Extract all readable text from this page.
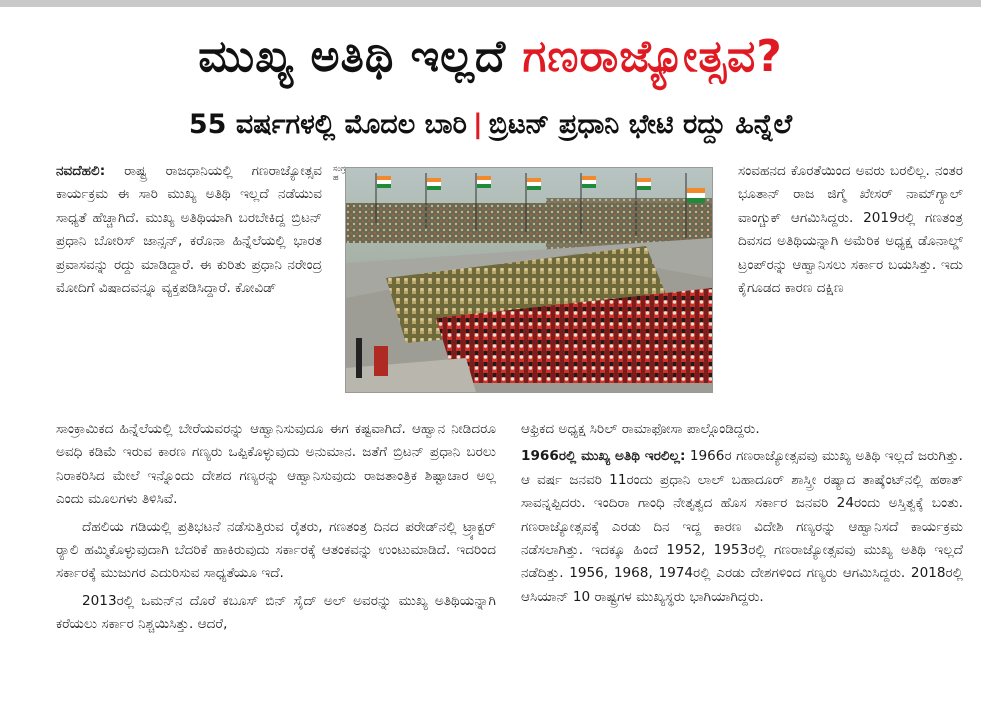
ಮುಖ್ಯ ಅತಿಥಿ ಇಲ್ಲದೆ ಗಣರಾಜ್ಯೋತ್ಸವ?
55 ವರ್ಷಗಳಲ್ಲಿ ಮೊದಲ ಬಾರಿ | ಬ್ರಿಟನ್ ಪ್ರಧಾನಿ ಭೇಟಿ ರದ್ದು ಹಿನ್ನೆಲೆ

ನವದೆಹಲಿ: ರಾಷ್ಟ್ರ ರಾಜಧಾನಿಯಲ್ಲಿ ಗಣರಾಜ್ಯೋತ್ಸವ ಕಾರ್ಯಕ್ರಮ ಈ ಸಾರಿ ಮುಖ್ಯ ಅತಿಥಿ ಇಲ್ಲದೆ ನಡೆಯುವ ಸಾಧ್ಯತೆ ಹೆಚ್ಚಾಗಿದೆ. ಮುಖ್ಯ ಅತಿಥಿಯಾಗಿ ಬರಬೇಕಿದ್ದ ಬ್ರಿಟನ್ ಪ್ರಧಾನಿ ಬೋರಿಸ್ ಜಾನ್ಸನ್, ಕರೊನಾ ಹಿನ್ನೆಲೆಯಲ್ಲಿ ಭಾರತ ಪ್ರವಾಸವನ್ನು ರದ್ದು ಮಾಡಿದ್ದಾರೆ. ಈ ಕುರಿತು ಪ್ರಧಾನಿ ನರೇಂದ್ರ ಮೋದಿಗೆ ವಿಷಾದವನ್ನೂ ವ್ಯಕ್ತಪಡಿಸಿದ್ದಾರೆ. ಕೋವಿಡ್

ಸಂಗ್ರಹ	ಸಂವಹನದ ಕೊರತೆಯಿಂದ ಅವರು ಬರಲಿಲ್ಲ. ನಂತರ ಭೂತಾನ್ ರಾಜ ಜಿಗ್ಮೆ ಖೇಸರ್ ನಾಮ್‌ಗ್ಯಾಲ್ ವಾಂಗ್ಚುಕ್ ಆಗಮಿಸಿದ್ದರು. 2019ರಲ್ಲಿ ಗಣತಂತ್ರ ದಿವಸದ ಅತಿಥಿಯನ್ನಾಗಿ ಅಮೆರಿಕ ಅಧ್ಯಕ್ಷ ಡೊನಾಲ್ಡ್ ಟ್ರಂಪ್‌ರನ್ನು ಆಹ್ವಾನಿಸಲು ಸರ್ಕಾರ ಬಯಸಿತ್ತು. ಇದು ಕೈಗೂಡದ ಕಾರಣ ದಕ್ಷಿಣ

ಸಾಂಕ್ರಾಮಿಕದ ಹಿನ್ನೆಲೆಯಲ್ಲಿ ಬೇರೆಯವರನ್ನು ಆಹ್ವಾನಿಸುವುದೂ ಈಗ ಕಷ್ಟವಾಗಿದೆ. ಆಹ್ವಾನ ನೀಡಿದರೂ ಅವಧಿ ಕಡಿಮೆ ಇರುವ ಕಾರಣ ಗಣ್ಯರು ಒಪ್ಪಿಕೊಳ್ಳುವುದು ಅನುಮಾನ. ಜತೆಗೆ ಬ್ರಿಟನ್ ಪ್ರಧಾನಿ ಬರಲು ನಿರಾಕರಿಸಿದ ಮೇಲೆ ಇನ್ನೊಂದು ದೇಶದ ಗಣ್ಯರನ್ನು ಆಹ್ವಾನಿಸುವುದು ರಾಜತಾಂತ್ರಿಕ ಶಿಷ್ಟಾಚಾರ ಅಲ್ಲ ಎಂದು ಮೂಲಗಳು ತಿಳಿಸಿವೆ.

ದೆಹಲಿಯ ಗಡಿಯಲ್ಲಿ ಪ್ರತಿಭಟನೆ ನಡೆಸುತ್ತಿರುವ ರೈತರು, ಗಣತಂತ್ರ ದಿನದ ಪರೇಡ್‌ನಲ್ಲಿ ಟ್ರ್ಯಾಕ್ಟರ್ ರ್‍ಯಾಲಿ ಹಮ್ಮಿಕೊಳ್ಳುವುದಾಗಿ ಬೆದರಿಕೆ ಹಾಕಿರುವುದು ಸರ್ಕಾರಕ್ಕೆ ಆತಂಕವನ್ನು ಉಂಟುಮಾಡಿದೆ. ಇದರಿಂದ ಸರ್ಕಾರಕ್ಕೆ ಮುಜುಗರ ಎದುರಿಸುವ ಸಾಧ್ಯತೆಯೂ ಇದೆ.

2013ರಲ್ಲಿ ಒಮನ್‌ನ ದೊರೆ ಕಬೂಸ್ ಬಿನ್ ಸೈದ್ ಅಲ್ ಅವರನ್ನು ಮುಖ್ಯ ಅತಿಥಿಯನ್ನಾಗಿ ಕರೆಯಲು ಸರ್ಕಾರ ನಿಶ್ಚಯಿಸಿತ್ತು. ಆದರೆ,

ಆಫ್ರಿಕದ ಅಧ್ಯಕ್ಷ ಸಿರಿಲ್ ರಾಮಾಫೋಸಾ ಪಾಲ್ಗೊಂಡಿದ್ದರು.

1966ರಲ್ಲಿ ಮುಖ್ಯ ಅತಿಥಿ ಇರಲಿಲ್ಲ: 1966ರ ಗಣರಾಜ್ಯೋತ್ಸವವು ಮುಖ್ಯ ಅತಿಥಿ ಇಲ್ಲದೆ ಜರುಗಿತ್ತು. ಆ ವರ್ಷ ಜನವರಿ 11ರಂದು ಪ್ರಧಾನಿ ಲಾಲ್ ಬಹಾದೂರ್ ಶಾಸ್ತ್ರೀ ರಷ್ಯಾದ ತಾಷ್ಕೆಂಟ್‌ನಲ್ಲಿ ಹಠಾತ್ ಸಾವನ್ನಪ್ಪಿದರು. ಇಂದಿರಾ ಗಾಂಧಿ ನೇತೃತ್ವದ ಹೊಸ ಸರ್ಕಾರ ಜನವರಿ 24ರಂದು ಅಸ್ತಿತ್ವಕ್ಕೆ ಬಂತು. ಗಣರಾಜ್ಯೋತ್ಸವಕ್ಕೆ ಎರಡು ದಿನ ಇದ್ದ ಕಾರಣ ವಿದೇಶಿ ಗಣ್ಯರನ್ನು ಆಹ್ವಾನಿಸದೆ ಕಾರ್ಯಕ್ರಮ ನಡೆಸಲಾಗಿತ್ತು. ಇದಕ್ಕೂ ಹಿಂದೆ 1952, 1953ರಲ್ಲಿ ಗಣರಾಜ್ಯೋತ್ಸವವು ಮುಖ್ಯ ಅತಿಥಿ ಇಲ್ಲದೆ ನಡೆದಿತ್ತು. 1956, 1968, 1974ರಲ್ಲಿ ಎರಡು ದೇಶಗಳಿಂದ ಗಣ್ಯರು ಆಗಮಿಸಿದ್ದರು. 2018ರಲ್ಲಿ ಆಸಿಯಾನ್ 10 ರಾಷ್ಟ್ರಗಳ ಮುಖ್ಯಸ್ಥರು ಭಾಗಿಯಾಗಿದ್ದರು.
